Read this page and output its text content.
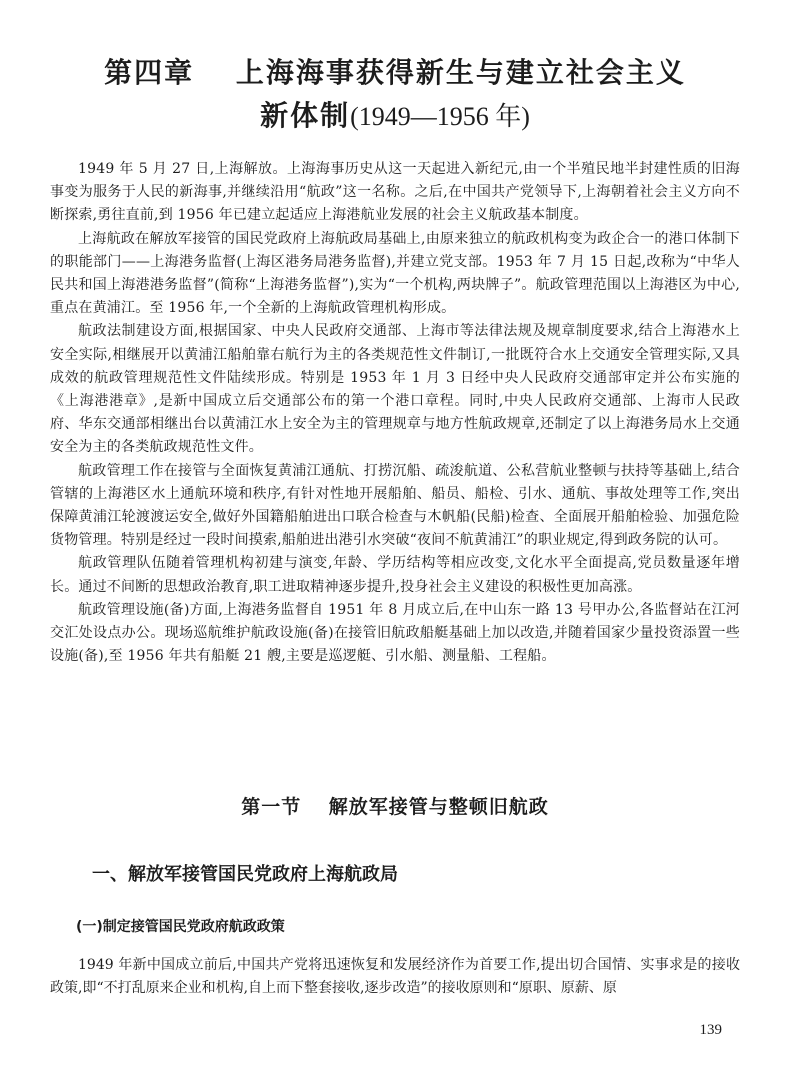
第四章　 上海海事获得新生与建立社会主义
新体制(1949—1956 年)

1949 年 5 月 27 日,上海解放。上海海事历史从这一天起进入新纪元,由一个半殖民地半封建性质的旧海事变为服务于人民的新海事,并继续沿用“航政”这一名称。之后,在中国共产党领导下,上海朝着社会主义方向不断探索,勇往直前,到 1956 年已建立起适应上海港航业发展的社会主义航政基本制度。

上海航政在解放军接管的国民党政府上海航政局基础上,由原来独立的航政机构变为政企合一的港口体制下的职能部门——上海港务监督(上海区港务局港务监督),并建立党支部。1953 年 7 月 15 日起,改称为“中华人民共和国上海港港务监督”(简称“上海港务监督”),实为“一个机构,两块牌子”。航政管理范围以上海港区为中心,重点在黄浦江。至 1956 年,一个全新的上海航政管理机构形成。

航政法制建设方面,根据国家、中央人民政府交通部、上海市等法律法规及规章制度要求,结合上海港水上安全实际,相继展开以黄浦江船舶靠右航行为主的各类规范性文件制订,一批既符合水上交通安全管理实际,又具成效的航政管理规范性文件陆续形成。特别是 1953 年 1 月 3 日经中央人民政府交通部审定并公布实施的《上海港港章》,是新中国成立后交通部公布的第一个港口章程。同时,中央人民政府交通部、上海市人民政府、华东交通部相继出台以黄浦江水上安全为主的管理规章与地方性航政规章,还制定了以上海港务局水上交通安全为主的各类航政规范性文件。

航政管理工作在接管与全面恢复黄浦江通航、打捞沉船、疏浚航道、公私营航业整顿与扶持等基础上,结合管辖的上海港区水上通航环境和秩序,有针对性地开展船舶、船员、船检、引水、通航、事故处理等工作,突出保障黄浦江轮渡渡运安全,做好外国籍船舶进出口联合检查与木帆船(民船)检查、全面展开船舶检验、加强危险货物管理。特别是经过一段时间摸索,船舶进出港引水突破“夜间不航黄浦江”的职业规定,得到政务院的认可。

航政管理队伍随着管理机构初建与演变,年龄、学历结构等相应改变,文化水平全面提高,党员数量逐年增长。通过不间断的思想政治教育,职工进取精神逐步提升,投身社会主义建设的积极性更加高涨。

航政管理设施(备)方面,上海港务监督自 1951 年 8 月成立后,在中山东一路 13 号甲办公,各监督站在江河交汇处设点办公。现场巡航维护航政设施(备)在接管旧航政船艇基础上加以改造,并随着国家少量投资添置一些设施(备),至 1956 年共有船艇 21 艘,主要是巡逻艇、引水船、测量船、工程船。

第一节　 解放军接管与整顿旧航政
一、解放军接管国民党政府上海航政局
(一)制定接管国民党政府航政政策

1949 年新中国成立前后,中国共产党将迅速恢复和发展经济作为首要工作,提出切合国情、实事求是的接收政策,即“不打乱原来企业和机构,自上而下整套接收,逐步改造”的接收原则和“原职、原薪、原

139
